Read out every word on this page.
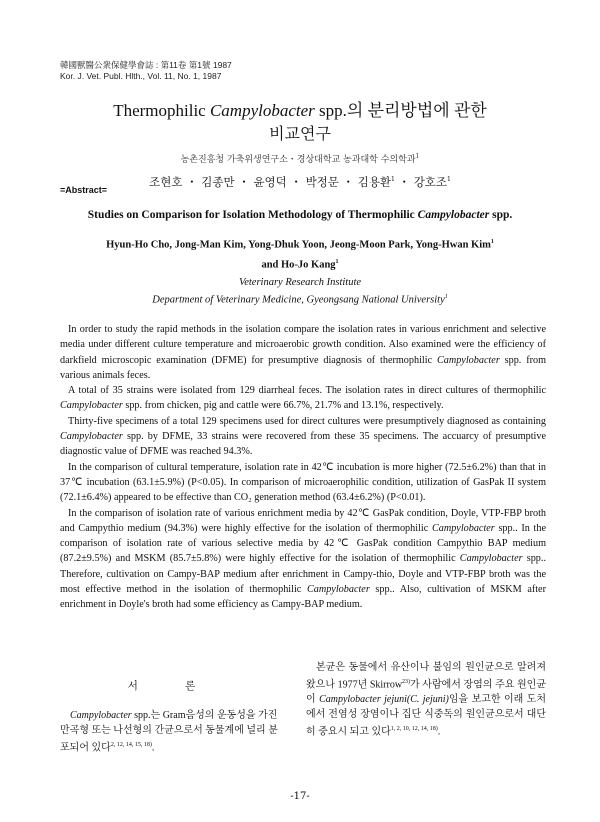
韓國獸醫公衆保健學會誌 : 第11卷 第1號 1987
Kor. J. Vet. Publ. Hlth., Vol. 11, No. 1, 1987
Thermophilic Campylobacter spp.의 분리방법에 관한
비교연구
농촌진흥청 가축위생연구소・경상대학교 농과대학 수의학과$^1$
조현호 ・ 김종만 ・ 윤영덕 ・ 박정문 ・ 김용환$^1$ ・ 강호조$^1$
=Abstract=
Studies on Comparison for Isolation Methodology of Thermophilic Campylobacter spp.
Hyun-Ho Cho, Jong-Man Kim, Yong-Dhuk Yoon, Jeong-Moon Park, Yong-Hwan Kim$^1$
and Ho-Jo Kang$^1$
Veterinary Research Institute
Department of Veterinary Medicine, Gyeongsang National University$^1$

In order to study the rapid methods in the isolation compare the isolation rates in various enrichment and selective media under different culture temperature and microaerobic growth condition. Also examined were the efficiency of darkfield microscopic examination (DFME) for presumptive diagnosis of thermophilic Campylobacter spp. from various animals feces.

A total of 35 strains were isolated from 129 diarrheal feces. The isolation rates in direct cultures of thermophilic Campylobacter spp. from chicken, pig and cattle were 66.7%, 21.7% and 13.1%, respectively.

Thirty-five specimens of a total 129 specimens used for direct cultures were presumptively diagnosed as containing Campylobacter spp. by DFME, 33 strains were recovered from these 35 specimens. The accuarcy of presumptive diagnostic value of DFME was reached 94.3%.

In the comparison of cultural temperature, isolation rate in 42℃ incubation is more higher (72.5±6.2%) than that in 37℃ incubation (63.1±5.9%) (P<0.05). In comparison of microaerophilic condition, utilization of GasPak II system (72.1±6.4%) appeared to be effective than CO₂ generation method (63.4±6.2%) (P<0.01).

In the comparison of isolation rate of various enrichment media by 42℃ GasPak condition, Doyle, VTP-FBP broth and Campythio medium (94.3%) were highly effective for the isolation of thermophilic Campylobacter spp.. In the comparison of isolation rate of various selective media by 42℃ GasPak condition Campythio BAP medium (87.2±9.5%) and MSKM (85.7±5.8%) were highly effective for the isolation of thermophilic Campylobacter spp.. Therefore, cultivation on Campy-BAP medium after enrichment in Campy-thio, Doyle and VTP-FBP broth was the most effective method in the isolation of thermophilic Campylobacter spp.. Also, cultivation of MSKM after enrichment in Doyle's broth had some efficiency as Campy-BAP medium.

서 론

Campylobacter spp.는 Gram음성의 운동성을 가진 만곡형 또는 나선형의 간균으로서 동물계에 널리 분포되어 있다$^{2, 12, 14, 15, 18)}$.

본균은 동물에서 유산이나 불임의 원인균으로 알려져 왔으나 1977년 Skirrow$^{23)}$가 사람에서 장염의 주요 원인균이 Campylobacter jejuni(C. jejuni)임을 보고한 이래 도처에서 전염성 장염이나 집단 식중독의 원인균으로서 대단히 중요시 되고 있다$^{1, 2, 10, 12, 14, 18)}$.

-17-
